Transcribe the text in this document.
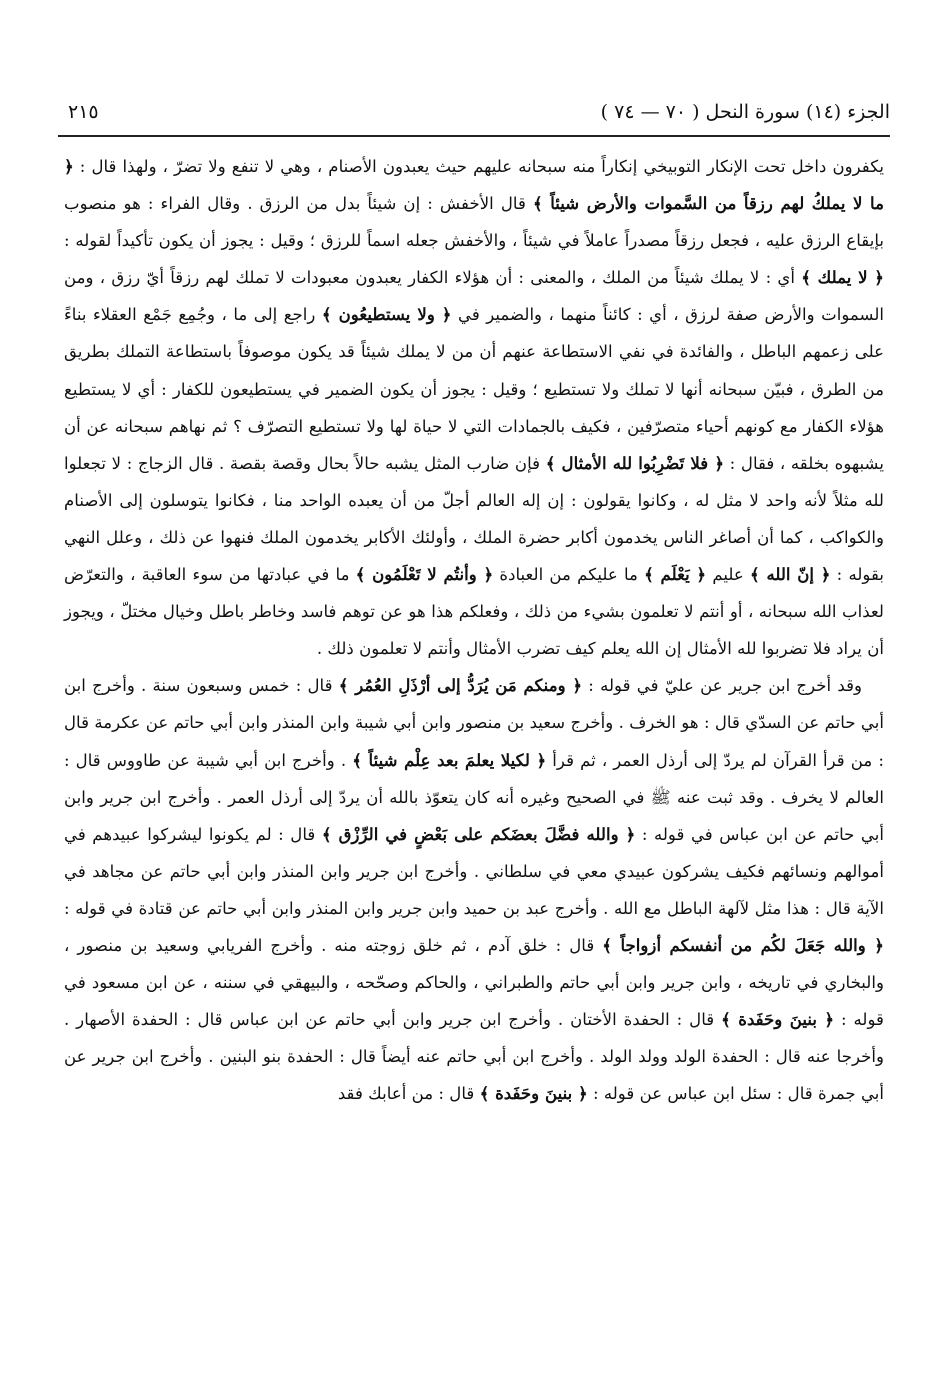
الجزء (١٤) سورة النحل ( ٧٠ — ٧٤ )
٢١٥

يكفرون داخل تحت الإنكار التوبيخي إنكاراً منه سبحانه عليهم حيث يعبدون الأصنام ، وهي لا تنفع ولا تضرّ ، ولهذا قال : ﴿ ما لا يملكُ لهم رزقاً من السَّموات والأرض شيئاً ﴾ قال الأخفش : إن شيئاً بدل من الرزق . وقال الفراء : هو منصوب بإيقاع الرزق عليه ، فجعل رزقاً مصدراً عاملاً في شيئاً ، والأخفش جعله اسماً للرزق ؛ وقيل : يجوز أن يكون تأكيداً لقوله : ﴿ لا يملك ﴾ أي : لا يملك شيئاً من الملك ، والمعنى : أن هؤلاء الكفار يعبدون معبودات لا تملك لهم رزقاً أيّ رزق ، ومن السموات والأرض صفة لرزق ، أي : كائناً منهما ، والضمير في ﴿ ولا يستطيعُون ﴾ راجع إلى ما ، وجُمِع جَمْع العقلاء بناءً على زعمهم الباطل ، والفائدة في نفي الاستطاعة عنهم أن من لا يملك شيئاً قد يكون موصوفاً باستطاعة التملك بطريق من الطرق ، فبيّن سبحانه أنها لا تملك ولا تستطيع ؛ وقيل : يجوز أن يكون الضمير في يستطيعون للكفار : أي لا يستطيع هؤلاء الكفار مع كونهم أحياء متصرّفين ، فكيف بالجمادات التي لا حياة لها ولا تستطيع التصرّف ؟ ثم نهاهم سبحانه عن أن يشبهوه بخلقه ، فقال : ﴿ فلا تَضْرِبُوا لله الأمثال ﴾ فإن ضارب المثل يشبه حالاً بحال وقصة بقصة . قال الزجاج : لا تجعلوا لله مثلاً لأنه واحد لا مثل له ، وكانوا يقولون : إن إله العالم أجلّ من أن يعبده الواحد منا ، فكانوا يتوسلون إلى الأصنام والكواكب ، كما أن أصاغر الناس يخدمون أكابر حضرة الملك ، وأولئك الأكابر يخدمون الملك فنهوا عن ذلك ، وعلل النهي بقوله : ﴿ إنّ الله ﴾ عليم ﴿ يَعْلَم ﴾ ما عليكم من العبادة ﴿ وأنتُم لا تَعْلَمُون ﴾ ما في عبادتها من سوء العاقبة ، والتعرّض لعذاب الله سبحانه ، أو أنتم لا تعلمون بشيء من ذلك ، وفعلكم هذا هو عن توهم فاسد وخاطر باطل وخيال مختلّ ، ويجوز أن يراد فلا تضربوا لله الأمثال إن الله يعلم كيف تضرب الأمثال وأنتم لا تعلمون ذلك .

وقد أخرج ابن جرير عن عليّ في قوله : ﴿ ومنكم مَن يُرَدُّ إلى أرْذَلِ العُمُر ﴾ قال : خمس وسبعون سنة . وأخرج ابن أبي حاتم عن السدّي قال : هو الخرف . وأخرج سعيد بن منصور وابن أبي شيبة وابن المنذر وابن أبي حاتم عن عكرمة قال : من قرأ القرآن لم يردّ إلى أرذل العمر ، ثم قرأ ﴿ لكيلا يعلمَ بعد عِلْم شيئاً ﴾ . وأخرج ابن أبي شيبة عن طاووس قال : العالم لا يخرف . وقد ثبت عنه ﷺ في الصحيح وغيره أنه كان يتعوّذ بالله أن يردّ إلى أرذل العمر . وأخرج ابن جرير وابن أبي حاتم عن ابن عباس في قوله : ﴿ والله فضَّلَ بعضَكم على بَعْضٍ في الرِّزْق ﴾ قال : لم يكونوا ليشركوا عبيدهم في أموالهم ونسائهم فكيف يشركون عبيدي معي في سلطاني . وأخرج ابن جرير وابن المنذر وابن أبي حاتم عن مجاهد في الآية قال : هذا مثل لآلهة الباطل مع الله . وأخرج عبد بن حميد وابن جرير وابن المنذر وابن أبي حاتم عن قتادة في قوله : ﴿ والله جَعَلَ لكُم من أنفسكم أزواجاً ﴾ قال : خلق آدم ، ثم خلق زوجته منه . وأخرج الفريابي وسعيد بن منصور ، والبخاري في تاريخه ، وابن جرير وابن أبي حاتم والطبراني ، والحاكم وصحّحه ، والبيهقي في سننه ، عن ابن مسعود في قوله : ﴿ بنينَ وحَفَدة ﴾ قال : الحفدة الأختان . وأخرج ابن جرير وابن أبي حاتم عن ابن عباس قال : الحفدة الأصهار . وأخرجا عنه قال : الحفدة الولد وولد الولد . وأخرج ابن أبي حاتم عنه أيضاً قال : الحفدة بنو البنين . وأخرج ابن جرير عن أبي جمرة قال : سئل ابن عباس عن قوله : ﴿ بنينَ وحَفَدة ﴾ قال : من أعابك فقد
